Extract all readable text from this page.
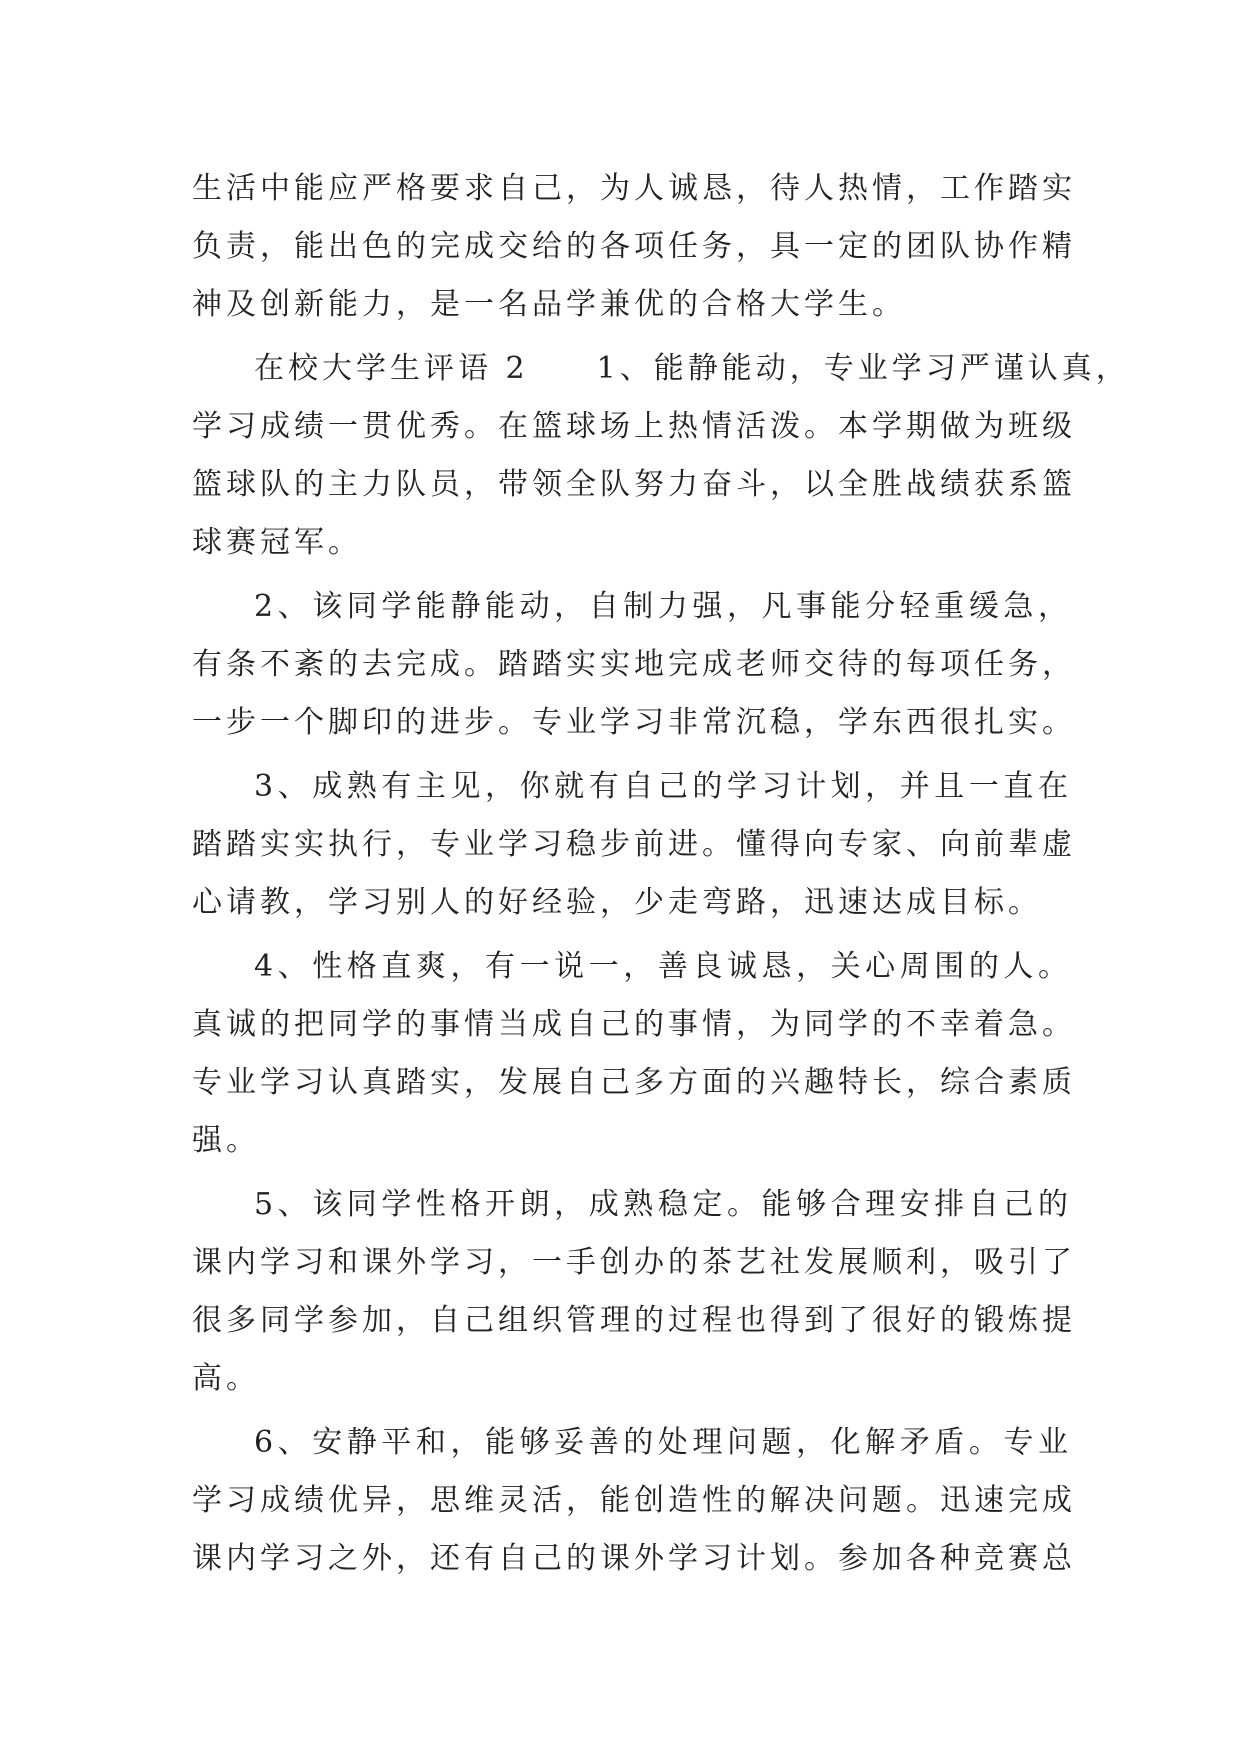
生活中能应严格要求自己，为人诚恳，待人热情，工作踏实
负责，能出色的完成交给的各项任务，具一定的团队协作精
神及创新能力，是一名品学兼优的合格大学生。
在校大学生评语 2　　1、能静能动，专业学习严谨认真，
学习成绩一贯优秀。在篮球场上热情活泼。本学期做为班级
篮球队的主力队员，带领全队努力奋斗，以全胜战绩获系篮
球赛冠军。
2、该同学能静能动，自制力强，凡事能分轻重缓急，
有条不紊的去完成。踏踏实实地完成老师交待的每项任务，
一步一个脚印的进步。专业学习非常沉稳，学东西很扎实。
3、成熟有主见，你就有自己的学习计划，并且一直在
踏踏实实执行，专业学习稳步前进。懂得向专家、向前辈虚
心请教，学习别人的好经验，少走弯路，迅速达成目标。
4、性格直爽，有一说一，善良诚恳，关心周围的人。
真诚的把同学的事情当成自己的事情，为同学的不幸着急。
专业学习认真踏实，发展自己多方面的兴趣特长，综合素质
强。
5、该同学性格开朗，成熟稳定。能够合理安排自己的
课内学习和课外学习，一手创办的茶艺社发展顺利，吸引了
很多同学参加，自己组织管理的过程也得到了很好的锻炼提
高。
6、安静平和，能够妥善的处理问题，化解矛盾。专业
学习成绩优异，思维灵活，能创造性的解决问题。迅速完成
课内学习之外，还有自己的课外学习计划。参加各种竞赛总
